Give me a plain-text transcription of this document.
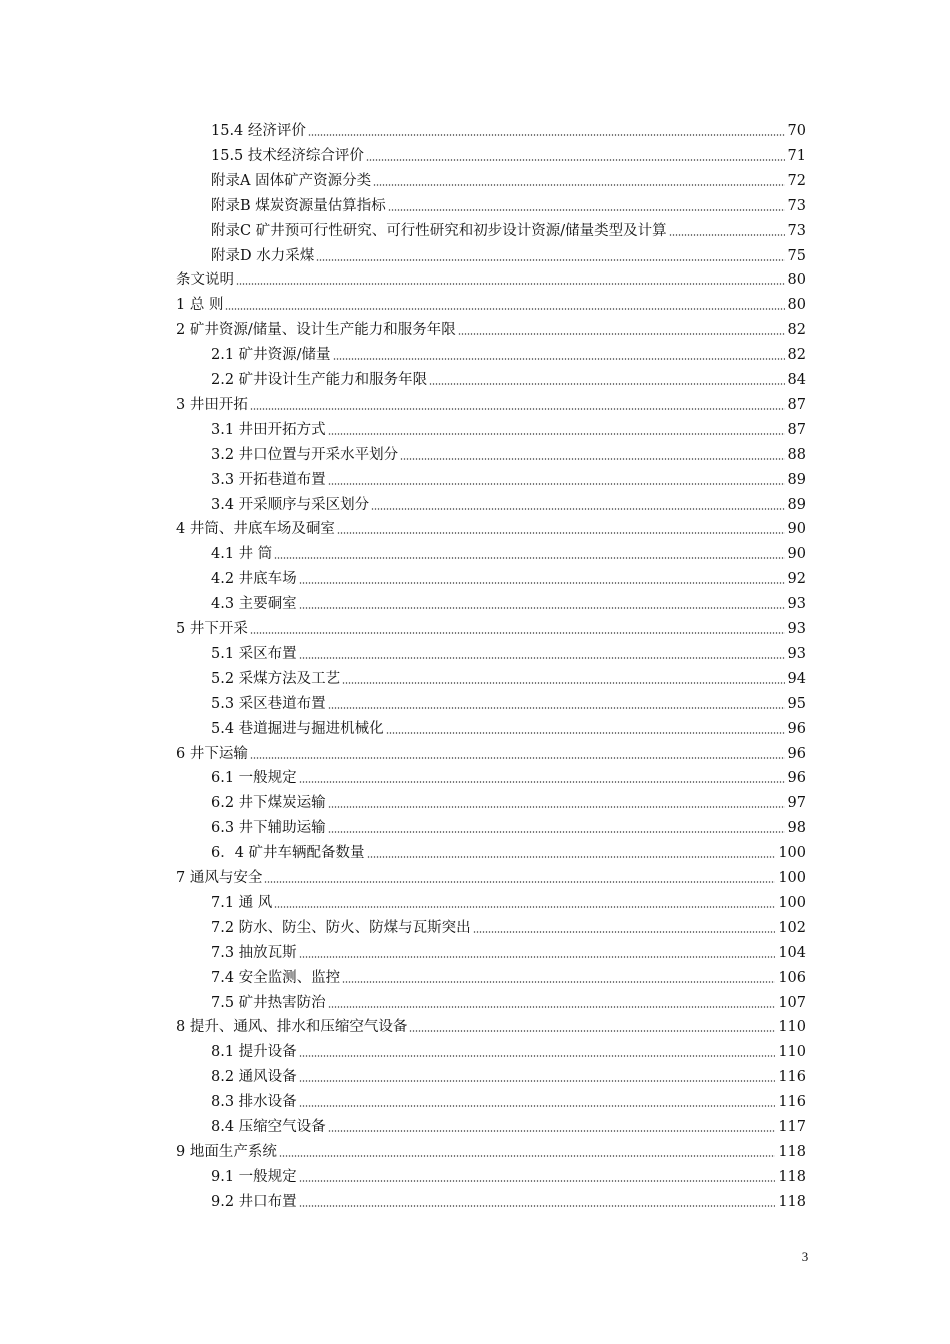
15.4 经济评价	70
15.5 技术经济综合评价	71
附录A 固体矿产资源分类	72
附录B 煤炭资源量估算指标	73
附录C 矿井预可行性研究、可行性研究和初步设计资源/储量类型及计算	73
附录D 水力采煤	75
条文说明	80
1 总 则	80
2 矿井资源/储量、设计生产能力和服务年限	82
2.1 矿井资源/储量	82
2.2 矿井设计生产能力和服务年限	84
3 井田开拓	87
3.1 井田开拓方式	87
3.2 井口位置与开采水平划分	88
3.3 开拓巷道布置	89
3.4 开采顺序与采区划分	89
4 井筒、井底车场及硐室	90
4.1 井 筒	90
4.2 井底车场	92
4.3 主要硐室	93
5 井下开采	93
5.1 采区布置	93
5.2 采煤方法及工艺	94
5.3 采区巷道布置	95
5.4 巷道掘进与掘进机械化	96
6 井下运输	96
6.1 一般规定	96
6.2 井下煤炭运输	97
6.3 井下辅助运输	98
6．4 矿井车辆配备数量	100
7 通风与安全	100
7.1 通 风	100
7.2 防水、防尘、防火、防煤与瓦斯突出	102
7.3 抽放瓦斯	104
7.4 安全监测、监控	106
7.5 矿井热害防治	107
8 提升、通风、排水和压缩空气设备	110
8.1 提升设备	110
8.2 通风设备	116
8.3 排水设备	116
8.4 压缩空气设备	117
9 地面生产系统	118
9.1 一般规定	118
9.2 井口布置	118
3
